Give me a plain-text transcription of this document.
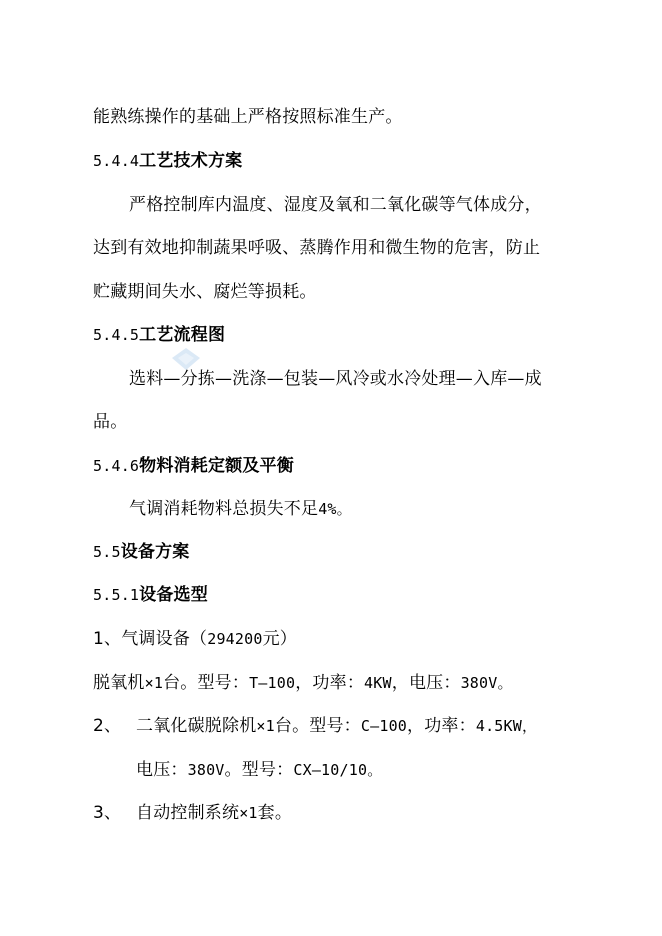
能熟练操作的基础上严格按照标准生产。
5.4.4工艺技术方案
严格控制库内温度、湿度及氧和二氧化碳等气体成分，
达到有效地抑制蔬果呼吸、蒸腾作用和微生物的危害，防止
贮藏期间失水、腐烂等损耗。
5.4.5工艺流程图
选料—分拣—洗涤—包装—风冷或水冷处理—入库—成
品。
5.4.6物料消耗定额及平衡
气调消耗物料总损失不足4%。
5.5设备方案
5.5.1设备选型
1、气调设备（294200元）
脱氧机×1台。型号：T—100，功率：4KW，电压：380V。
2、 二氧化碳脱除机×1台。型号：C—100，功率：4.5KW，
电压：380V。型号：CX—10/10。
3、 自动控制系统×1套。
